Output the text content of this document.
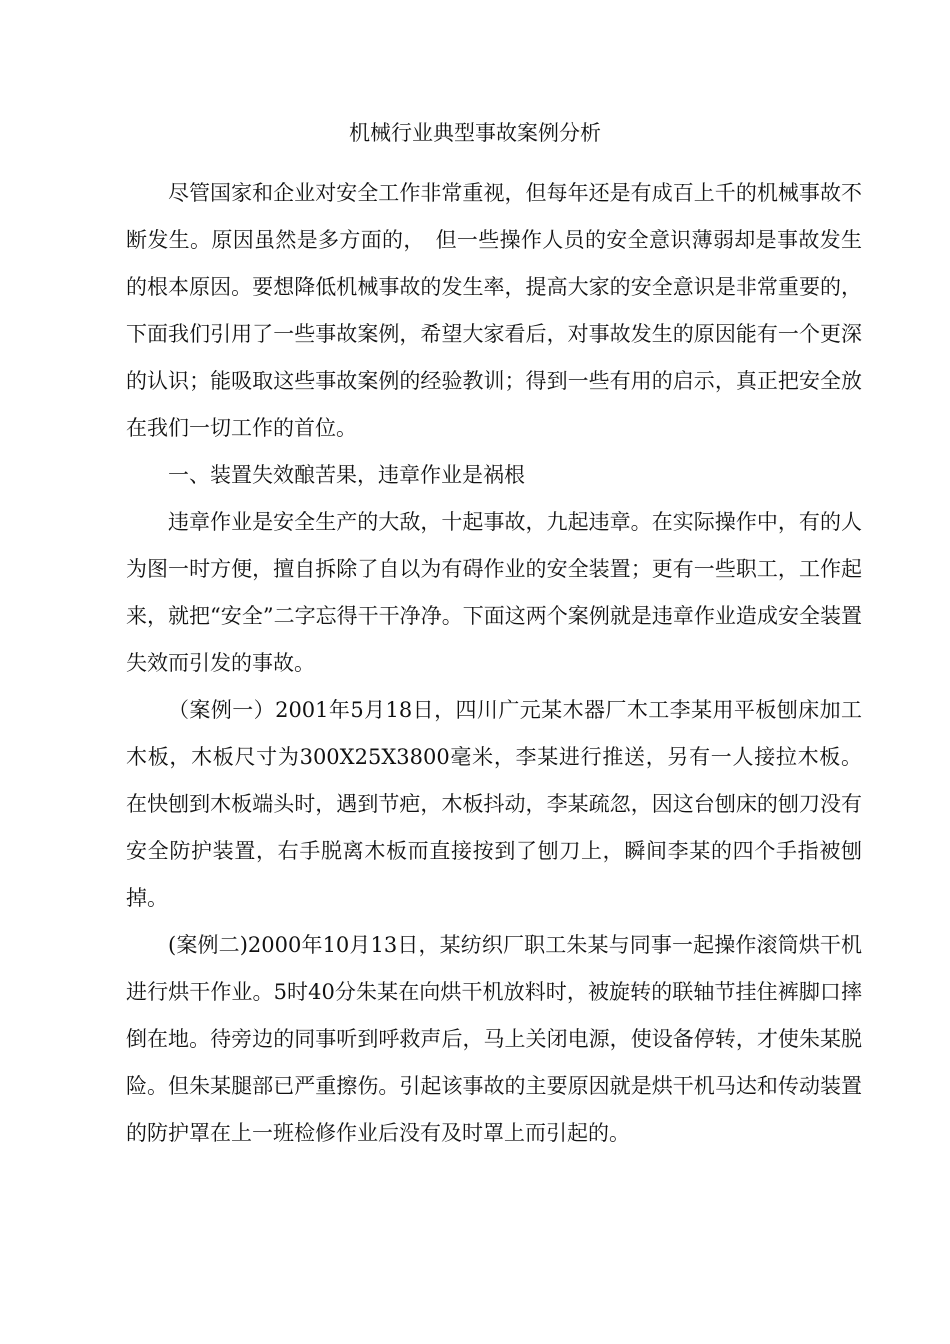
机械行业典型事故案例分析

尽管国家和企业对安全工作非常重视，但每年还是有成百上千的机械事故不断发生。原因虽然是多方面的，　但一些操作人员的安全意识薄弱却是事故发生的根本原因。要想降低机械事故的发生率，提高大家的安全意识是非常重要的，下面我们引用了一些事故案例，希望大家看后，对事故发生的原因能有一个更深的认识；能吸取这些事故案例的经验教训；得到一些有用的启示，真正把安全放在我们一切工作的首位。

一、装置失效酿苦果，违章作业是祸根

违章作业是安全生产的大敌，十起事故，九起违章。在实际操作中，有的人为图一时方便，擅自拆除了自以为有碍作业的安全装置；更有一些职工，工作起来，就把“安全”二字忘得干干净净。下面这两个案例就是违章作业造成安全装置失效而引发的事故。

（案例一）2001年5月18日，四川广元某木器厂木工李某用平板刨床加工木板，木板尺寸为300X25X3800毫米，李某进行推送，另有一人接拉木板。在快刨到木板端头时，遇到节疤，木板抖动，李某疏忽，因这台刨床的刨刀没有安全防护装置，右手脱离木板而直接按到了刨刀上，瞬间李某的四个手指被刨掉。

(案例二)2000年10月13日，某纺织厂职工朱某与同事一起操作滚筒烘干机进行烘干作业。5时40分朱某在向烘干机放料时，被旋转的联轴节挂住裤脚口摔倒在地。待旁边的同事听到呼救声后，马上关闭电源，使设备停转，才使朱某脱险。但朱某腿部已严重擦伤。引起该事故的主要原因就是烘干机马达和传动装置的防护罩在上一班检修作业后没有及时罩上而引起的。
